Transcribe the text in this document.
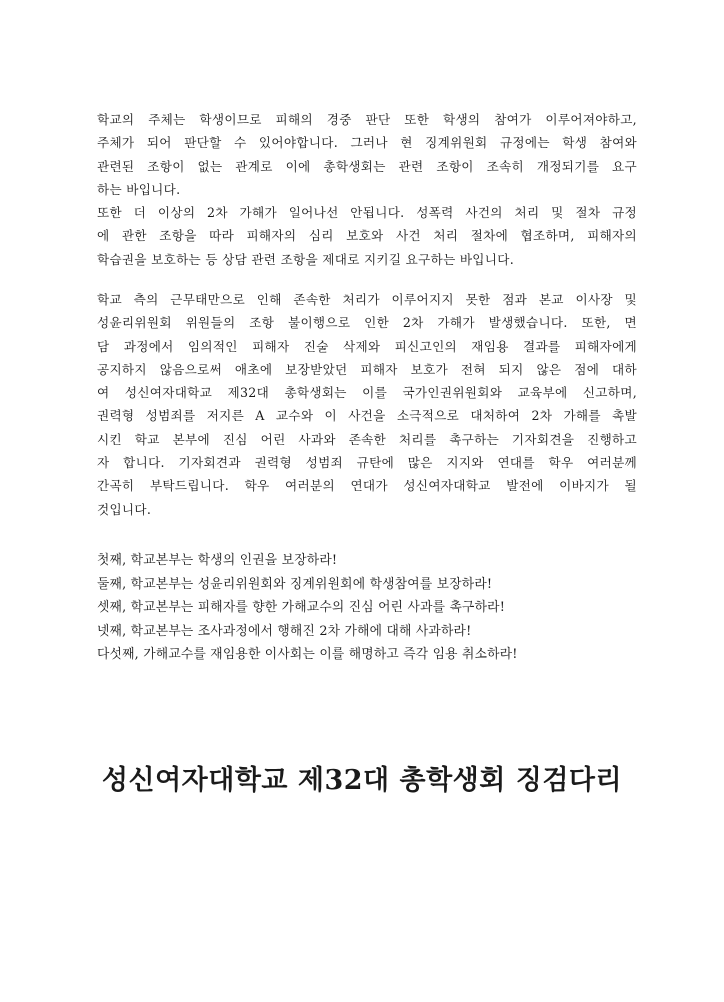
학교의 주체는 학생이므로 피해의 경중 판단 또한 학생의 참여가 이루어져야하고,
주체가 되어 판단할 수 있어야합니다. 그러나 현 징계위원회 규정에는 학생 참여와
관련된 조항이 없는 관계로 이에 총학생회는 관련 조항이 조속히 개정되기를 요구
하는 바입니다.
또한 더 이상의 2차 가해가 일어나선 안됩니다. 성폭력 사건의 처리 및 절차 규정
에 관한 조항을 따라 피해자의 심리 보호와 사건 처리 절차에 협조하며, 피해자의
학습권을 보호하는 등 상담 관련 조항을 제대로 지키길 요구하는 바입니다.

학교 측의 근무태만으로 인해 존속한 처리가 이루어지지 못한 점과 본교 이사장 및
성윤리위원회 위원들의 조항 불이행으로 인한 2차 가해가 발생했습니다. 또한, 면
담 과정에서 임의적인 피해자 진술 삭제와 피신고인의 재임용 결과를 피해자에게
공지하지 않음으로써 애초에 보장받았던 피해자 보호가 전혀 되지 않은 점에 대하
여 성신여자대학교 제32대 총학생회는 이를 국가인권위원회와 교육부에 신고하며,
권력형 성범죄를 저지른 A 교수와 이 사건을 소극적으로 대처하여 2차 가해를 촉발
시킨 학교 본부에 진심 어린 사과와 존속한 처리를 촉구하는 기자회견을 진행하고
자 합니다. 기자회견과 권력형 성범죄 규탄에 많은 지지와 연대를 학우 여러분께
간곡히 부탁드립니다. 학우 여러분의 연대가 성신여자대학교 발전에 이바지가 될
것입니다.

첫째, 학교본부는 학생의 인권을 보장하라!
둘째, 학교본부는 성윤리위원회와 징계위원회에 학생참여를 보장하라!
셋째, 학교본부는 피해자를 향한 가해교수의 진심 어린 사과를 촉구하라!
넷째, 학교본부는 조사과정에서 행해진 2차 가해에 대해 사과하라!
다섯째, 가해교수를 재임용한 이사회는 이를 해명하고 즉각 임용 취소하라!
성신여자대학교 제32대 총학생회 징검다리
